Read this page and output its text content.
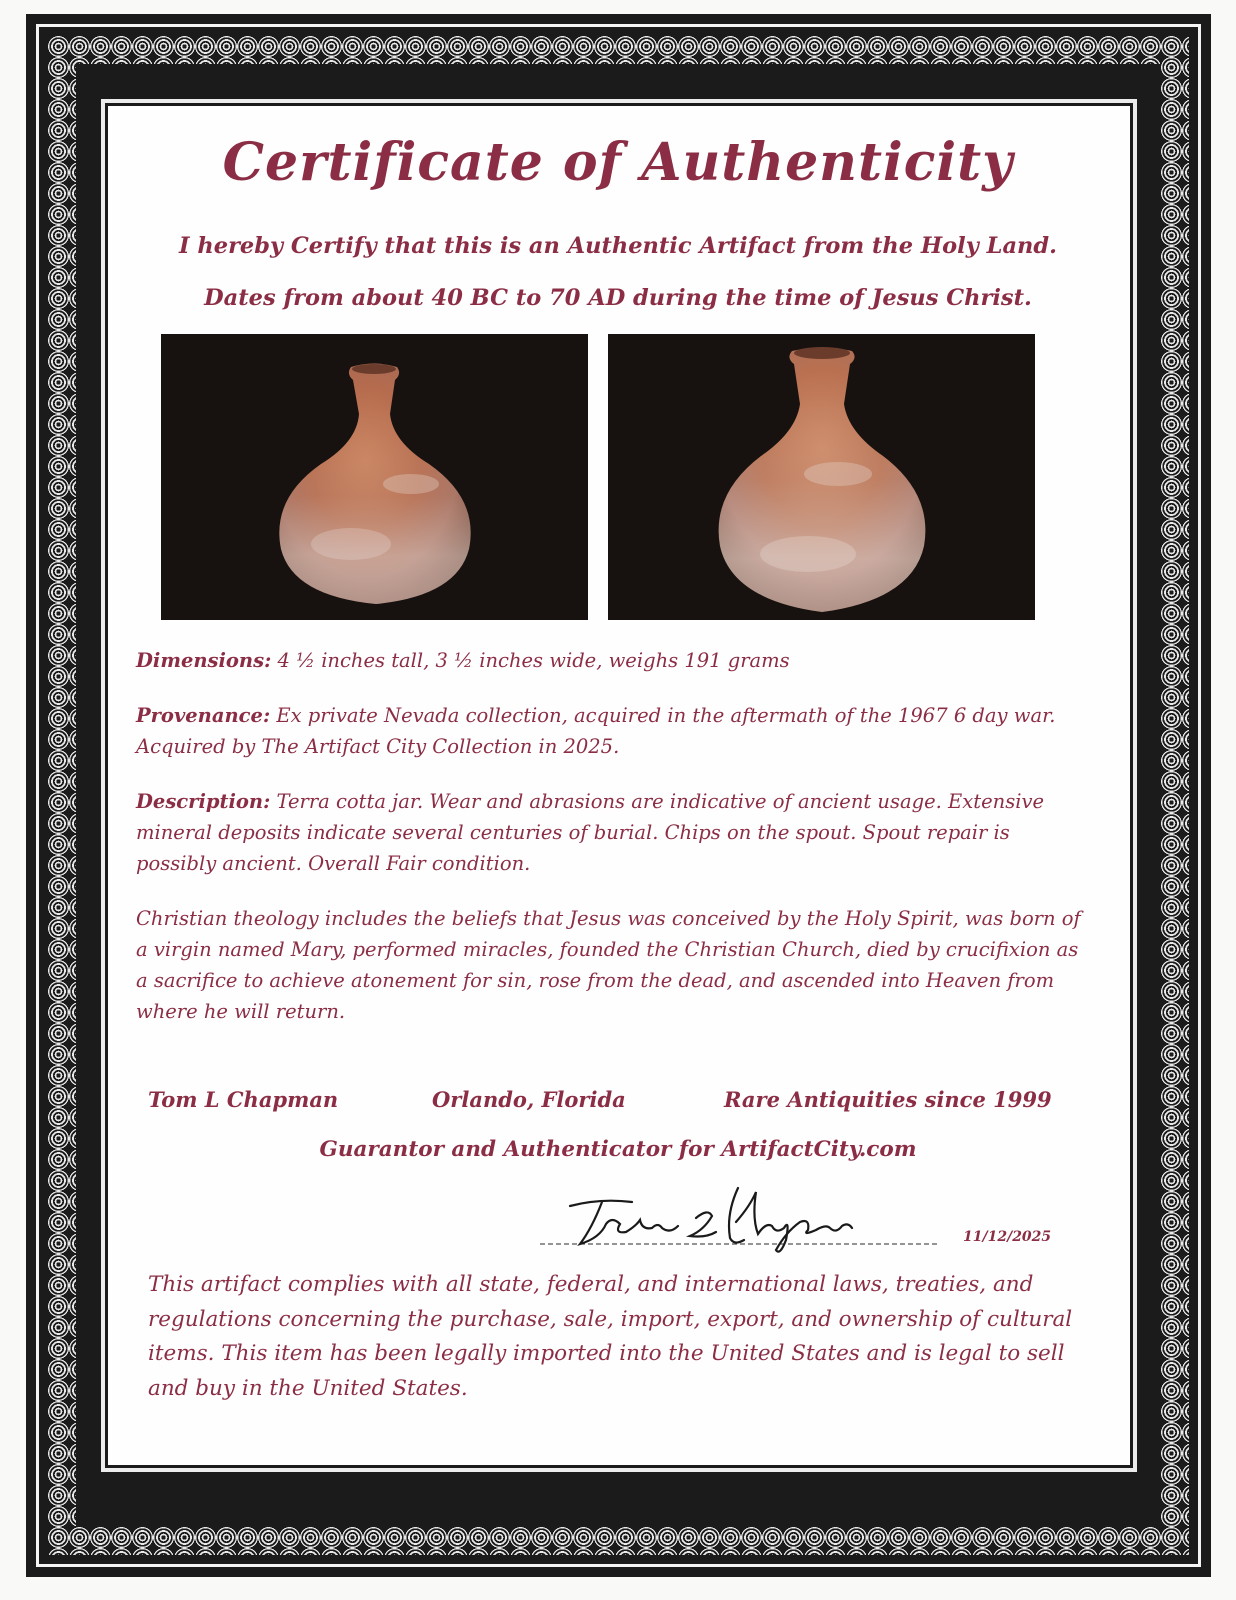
Certificate of Authenticity
I hereby Certify that this is an Authentic Artifact from the Holy Land.
Dates from about 40 BC to 70 AD during the time of Jesus Christ.
Dimensions: 4 ½ inches tall, 3 ½ inches wide, weighs 191 grams
Provenance: Ex private Nevada collection, acquired in the aftermath of the 1967 6 day war. Acquired by The Artifact City Collection in 2025.
Description: Terra cotta jar. Wear and abrasions are indicative of ancient usage. Extensive mineral deposits indicate several centuries of burial. Chips on the spout. Spout repair is possibly ancient. Overall Fair condition.
Christian theology includes the beliefs that Jesus was conceived by the Holy Spirit, was born of a virgin named Mary, performed miracles, founded the Christian Church, died by crucifixion as a sacrifice to achieve atonement for sin, rose from the dead, and ascended into Heaven from where he will return.
Tom L Chapman	Orlando, Florida	Rare Antiquities since 1999
Guarantor and Authenticator for ArtifactCity.com
11/12/2025
This artifact complies with all state, federal, and international laws, treaties, and regulations concerning the purchase, sale, import, export, and ownership of cultural items. This item has been legally imported into the United States and is legal to sell and buy in the United States.
